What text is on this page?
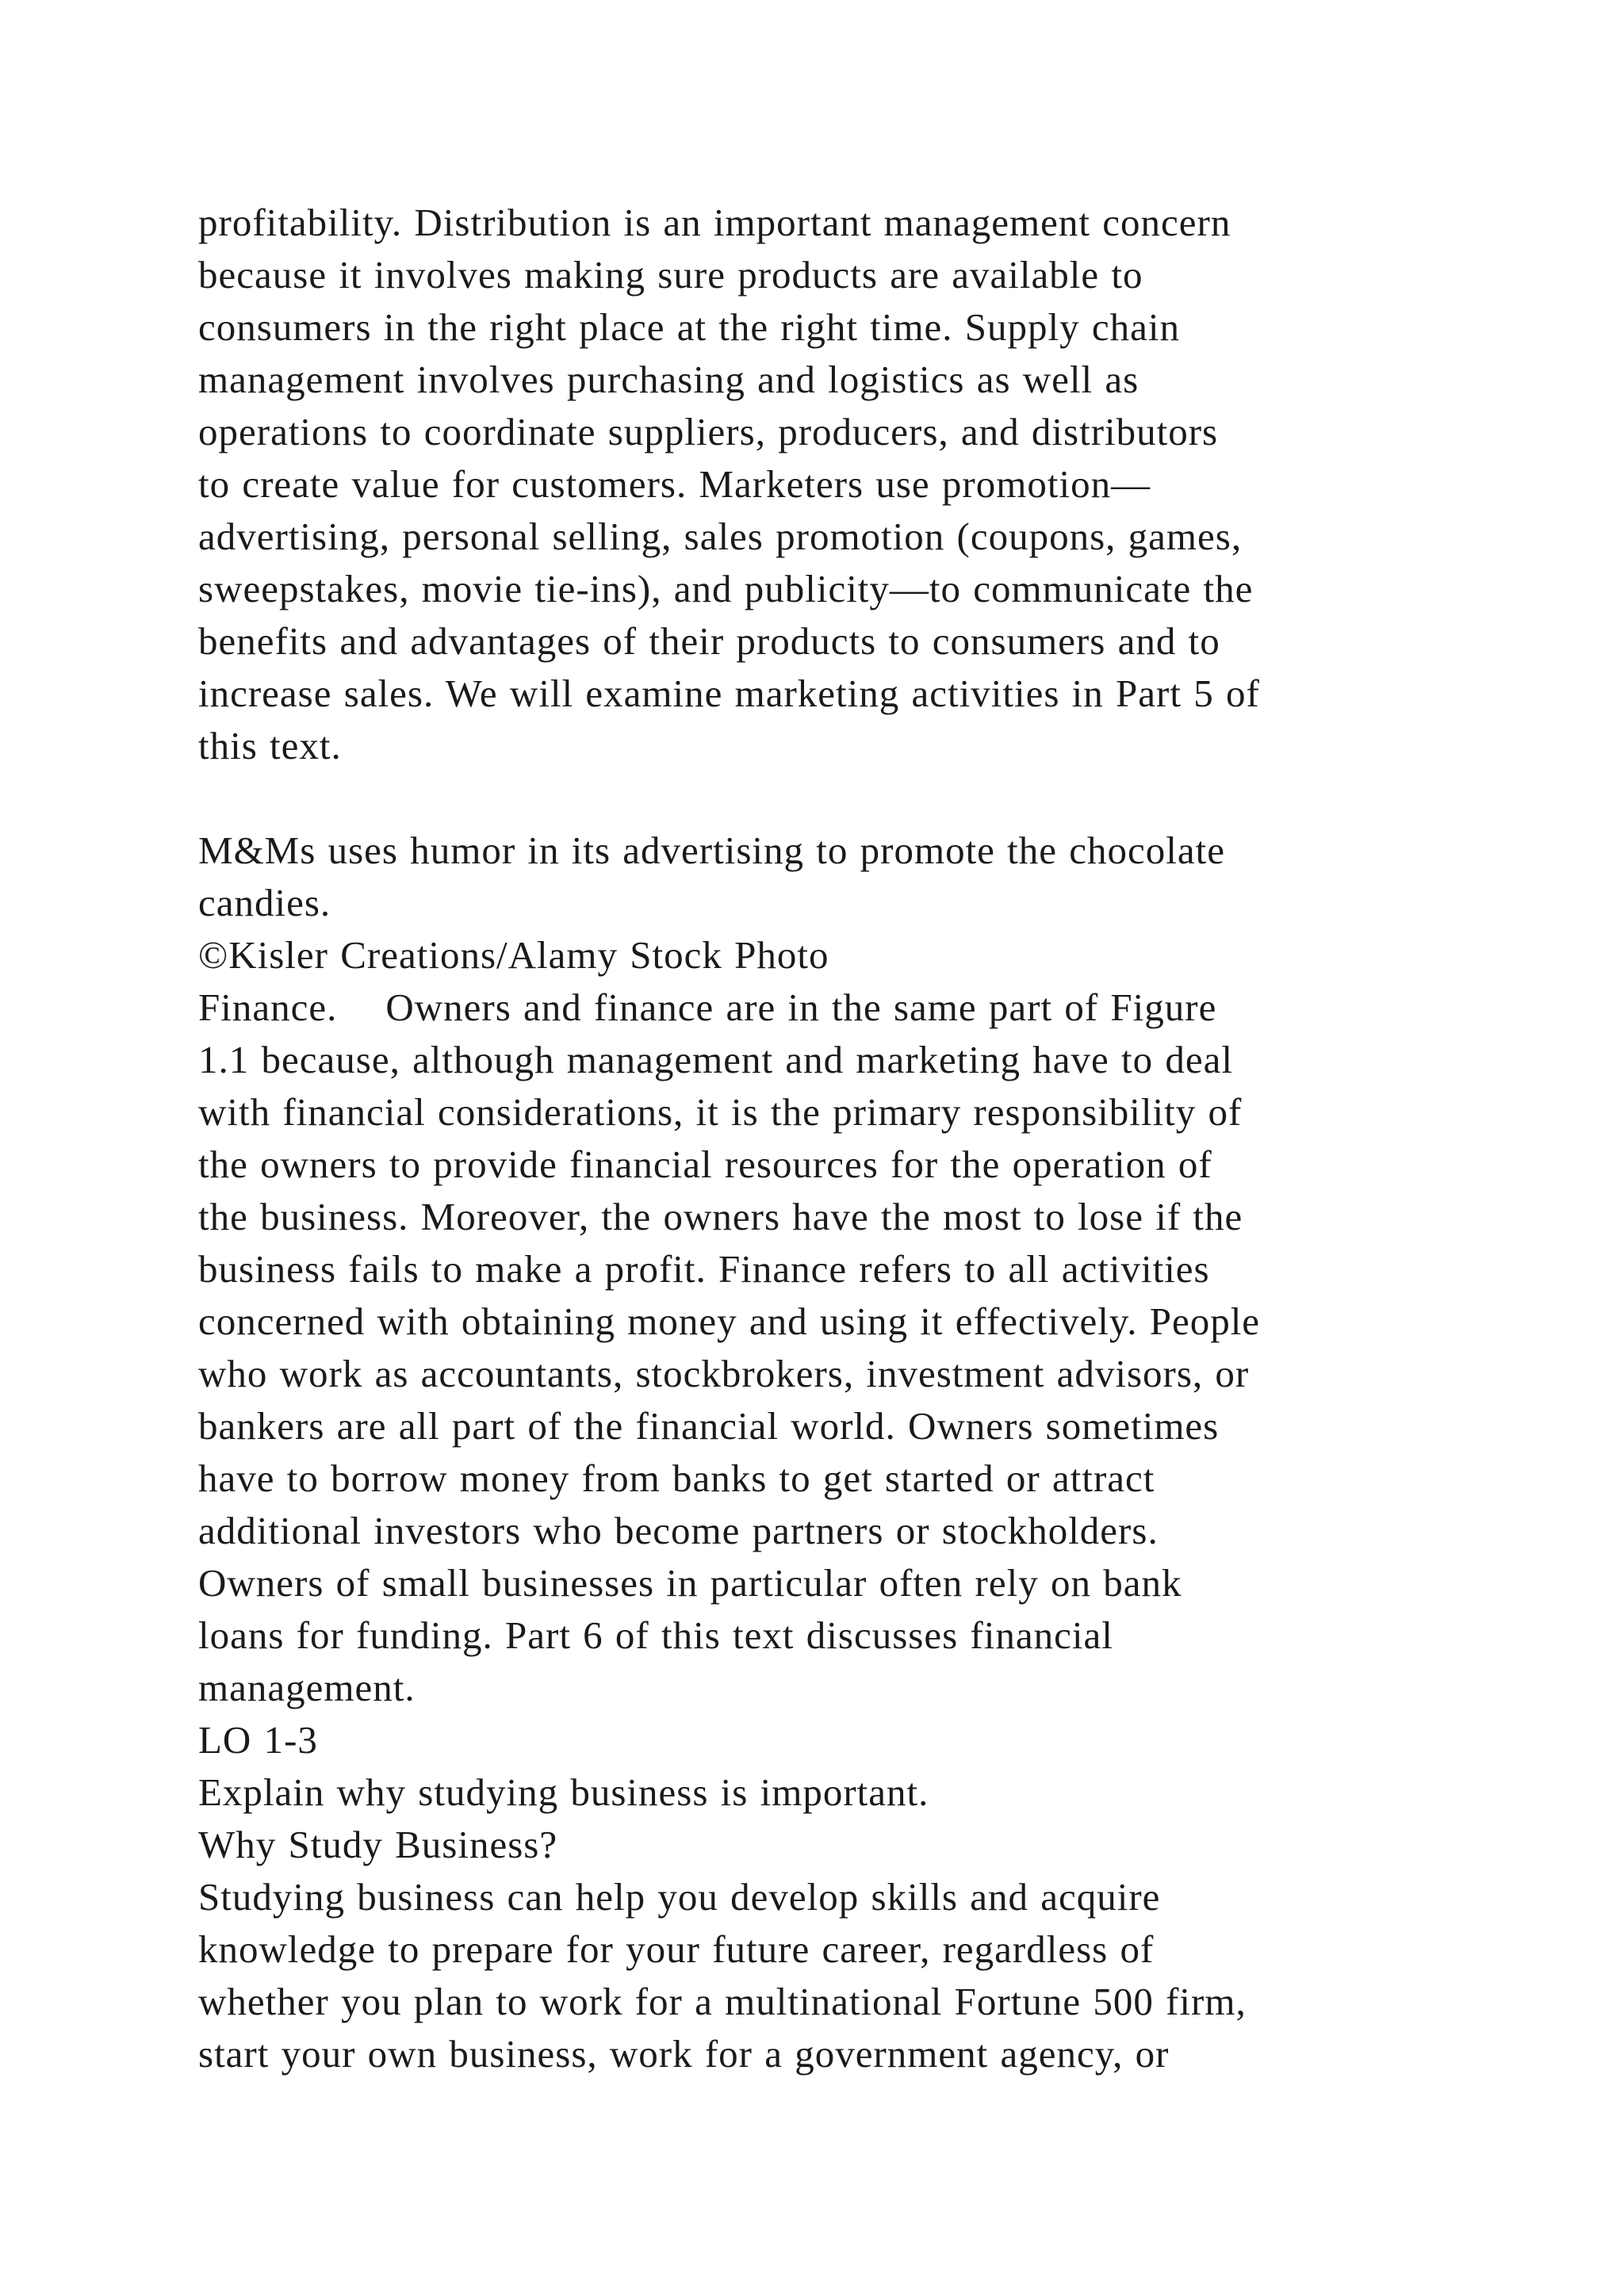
profitability. Distribution is an important management concern
because it involves making sure products are available to
consumers in the right place at the right time. Supply chain
management involves purchasing and logistics as well as
operations to coordinate suppliers, producers, and distributors
to create value for customers. Marketers use promotion—
advertising, personal selling, sales promotion (coupons, games,
sweepstakes, movie tie-ins), and publicity—to communicate the
benefits and advantages of their products to consumers and to
increase sales. We will examine marketing activities in Part 5 of
this text.
M&Ms uses humor in its advertising to promote the chocolate
candies.
©Kisler Creations/Alamy Stock Photo
Finance.    Owners and finance are in the same part of Figure
1.1 because, although management and marketing have to deal
with financial considerations, it is the primary responsibility of
the owners to provide financial resources for the operation of
the business. Moreover, the owners have the most to lose if the
business fails to make a profit. Finance refers to all activities
concerned with obtaining money and using it effectively. People
who work as accountants, stockbrokers, investment advisors, or
bankers are all part of the financial world. Owners sometimes
have to borrow money from banks to get started or attract
additional investors who become partners or stockholders.
Owners of small businesses in particular often rely on bank
loans for funding. Part 6 of this text discusses financial
management.
LO 1-3
Explain why studying business is important.
Why Study Business?
Studying business can help you develop skills and acquire
knowledge to prepare for your future career, regardless of
whether you plan to work for a multinational Fortune 500 firm,
start your own business, work for a government agency, or
